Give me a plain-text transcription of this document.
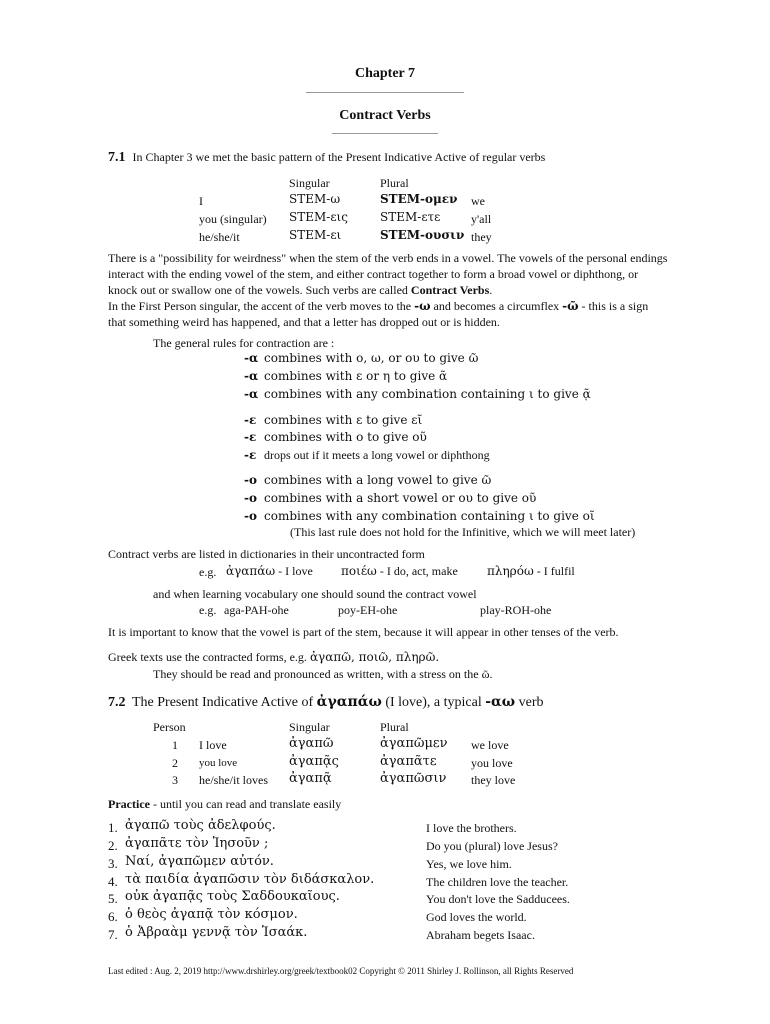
Chapter 7
Contract Verbs
7.1 In Chapter 3 we met the basic pattern of the Present Indicative Active of regular verbs
Singular	Plural
I	STEM-ω	STEM-ομεν we
you (singular) STEM-εις	STEM-ετε	y'all
he/she/it	STEM-ει	STEM-ουσιν they
There is a "possibility for weirdness" when the stem of the verb ends in a vowel. The vowels of the personal endings interact with the ending vowel of the stem, and either contract together to form a broad vowel or diphthong, or knock out or swallow one of the vowels. Such verbs are called Contract Verbs.
In the First Person singular, the accent of the verb moves to the -ω and becomes a circumflex -ῶ - this is a sign that something weird has happened, and that a letter has dropped out or is hidden.
The general rules for contraction are :
-α combines with ο, ω, or ου to give ῶ
-α combines with ε or η to give ᾶ
-α combines with any combination containing ι to give ᾷ
-ε combines with ε to give εῖ
-ε combines with ο to give οῦ
-ε drops out if it meets a long vowel or diphthong
-ο combines with a long vowel to give ῶ
-ο combines with a short vowel or ου to give οῦ
-ο combines with any combination containing ι to give οῖ
(This last rule does not hold for the Infinitive, which we will meet later)
Contract verbs are listed in dictionaries in their uncontracted form
e.g. ἀγαπάω - I love ποιέω - I do, act, make πληρόω - I fulfil
and when learning vocabulary one should sound the contract vowel
e.g. aga-PAH-ohe	poy-EH-ohe	play-ROH-ohe
It is important to know that the vowel is part of the stem, because it will appear in other tenses of the verb.
Greek texts use the contracted forms, e.g. ἀγαπῶ, ποιῶ, πληρῶ.
They should be read and pronounced as written, with a stress on the ῶ.
7.2 The Present Indicative Active of ἀγαπάω (I love), a typical -αω verb
Person	Singular	Plural
1 I love	ἀγαπῶ	ἀγαπῶμεν we love
2 you love	ἀγαπᾷς	ἀγαπᾶτε	you love
3 he/she/it loves ἀγαπᾷ	ἀγαπῶσιν they love
Practice - until you can read and translate easily
1. ἀγαπῶ τοὺς ἀδελφούς.	I love the brothers.
2. ἀγαπᾶτε τὸν Ἰησοῦν ;	Do you (plural) love Jesus?
3. Ναί, ἀγαπῶμεν αὐτόν.	Yes, we love him.
4. τὰ παιδία ἀγαπῶσιν τὸν διδάσκαλον.	The children love the teacher.
5. οὐκ ἀγαπᾷς τοὺς Σαδδουκαῖους.	You don't love the Sadducees.
6. ὁ θεὸς ἀγαπᾷ τὸν κόσμον.	God loves the world.
7. ὁ Ἀβραὰμ γεννᾷ τὸν Ἰσαάκ.	Abraham begets Isaac.
Last edited : Aug. 2, 2019 http://www.drshirley.org/greek/textbook02 Copyright © 2011 Shirley J. Rollinson, all Rights Reserved
